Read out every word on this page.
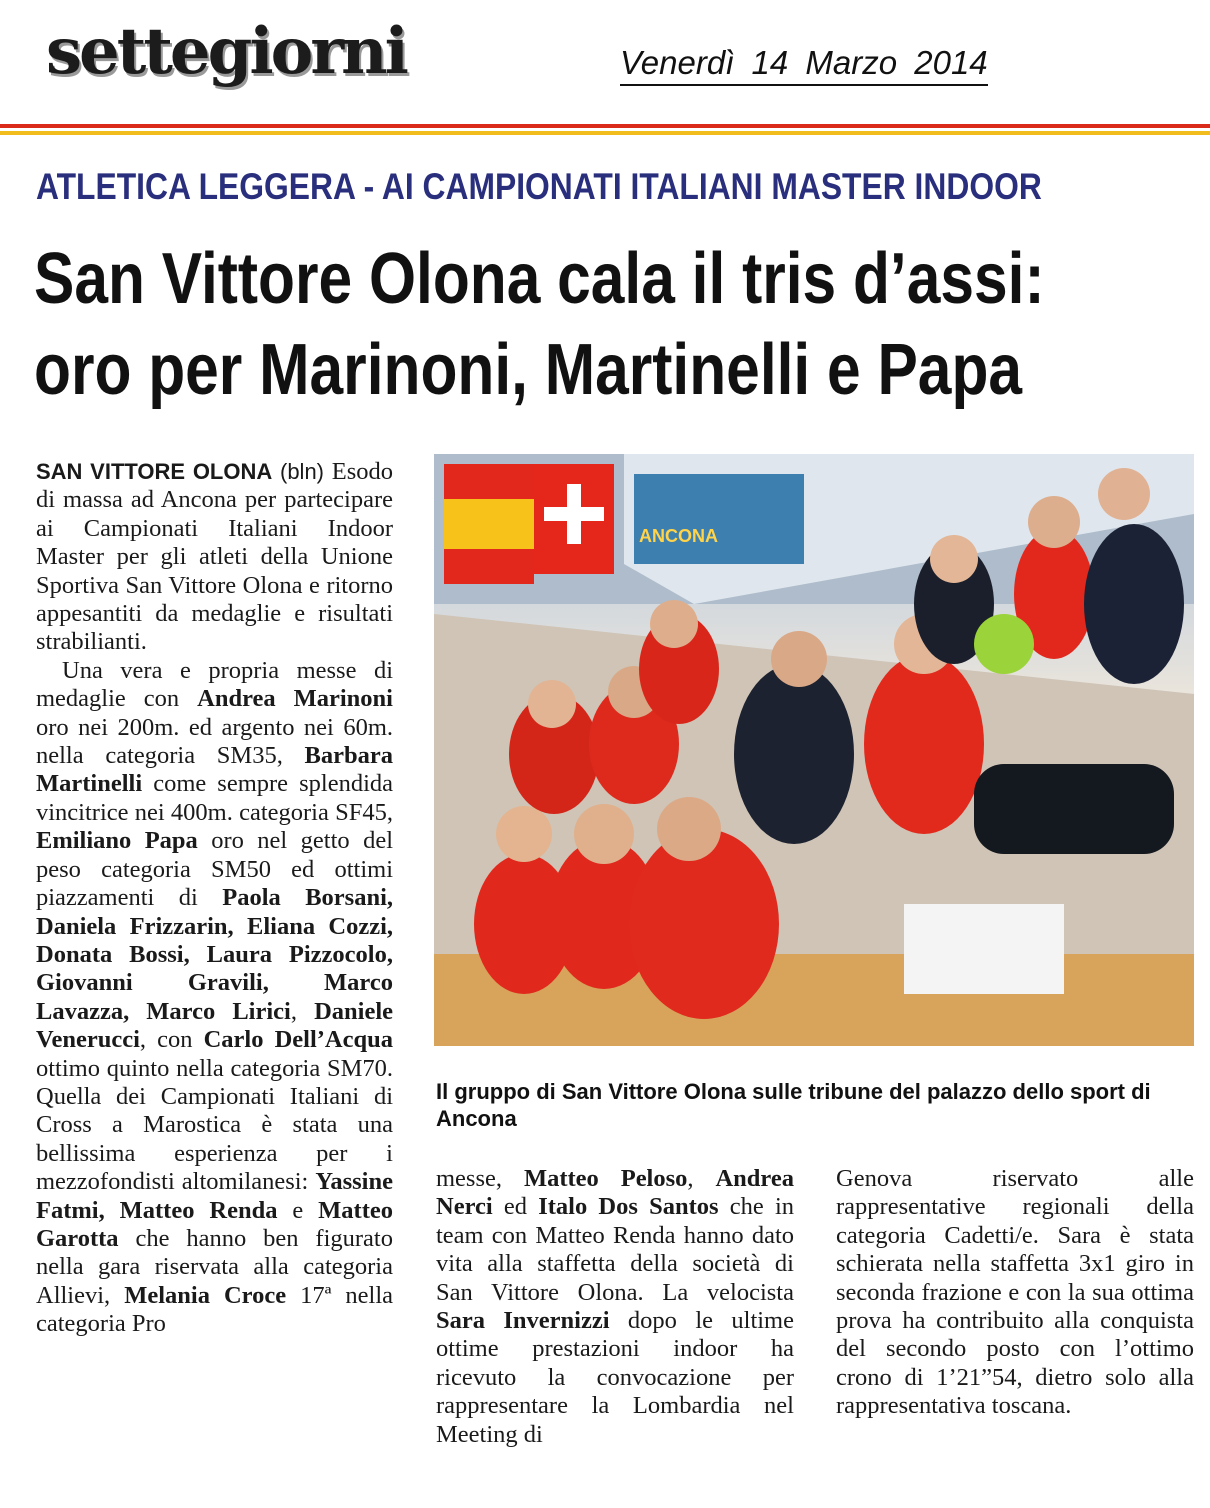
settegiorni	Venerdì 14 Marzo 2014
ATLETICA LEGGERA - AI CAMPIONATI ITALIANI MASTER INDOOR
San Vittore Olona cala il tris d’assi:
oro per Marinoni, Martinelli e Papa

SAN VITTORE OLONA (bln) Esodo di massa ad Ancona per partecipare ai Campionati Italiani Indoor Master per gli atleti della Unione Sportiva San Vittore Olona e ritorno appesantiti da medaglie e risultati strabilianti.

Una vera e propria messe di medaglie con Andrea Marinoni oro nei 200m. ed argento nei 60m. nella categoria SM35, Barbara Martinelli come sempre splendida vincitrice nei 400m. categoria SF45, Emiliano Papa oro nel getto del peso categoria SM50 ed ottimi piazzamenti di Paola Borsani, Daniela Frizzarin, Eliana Cozzi, Donata Bossi, Laura Pizzocolo, Giovanni Gravili, Marco Lavazza, Marco Lirici, Daniele Venerucci, con Carlo Dell’Acqua ottimo quinto nella categoria SM70. Quella dei Campionati Italiani di Cross a Marostica è stata una bellissima esperienza per i mezzofondisti altomilanesi: Yassine Fatmi, Matteo Renda e Matteo Garotta che hanno ben figurato nella gara riservata alla categoria Allievi, Melania Croce 17ª nella categoria Pro

ANCONA
Il gruppo di San Vittore Olona sulle tribune del palazzo dello sport di Ancona

messe, Matteo Peloso, Andrea Nerci ed Italo Dos Santos che in team con Matteo Renda hanno dato vita alla staffetta della società di San Vittore Olona. La velocista Sara Invernizzi dopo le ultime ottime prestazioni indoor ha ricevuto la convocazione per rappresentare la Lombardia nel Meeting di

Genova riservato alle rappresentative regionali della categoria Cadetti/e. Sara è stata schierata nella staffetta 3x1 giro in seconda frazione e con la sua ottima prova ha contribuito alla conquista del secondo posto con l’ottimo crono di 1’21”54, dietro solo alla rappresentativa toscana.
